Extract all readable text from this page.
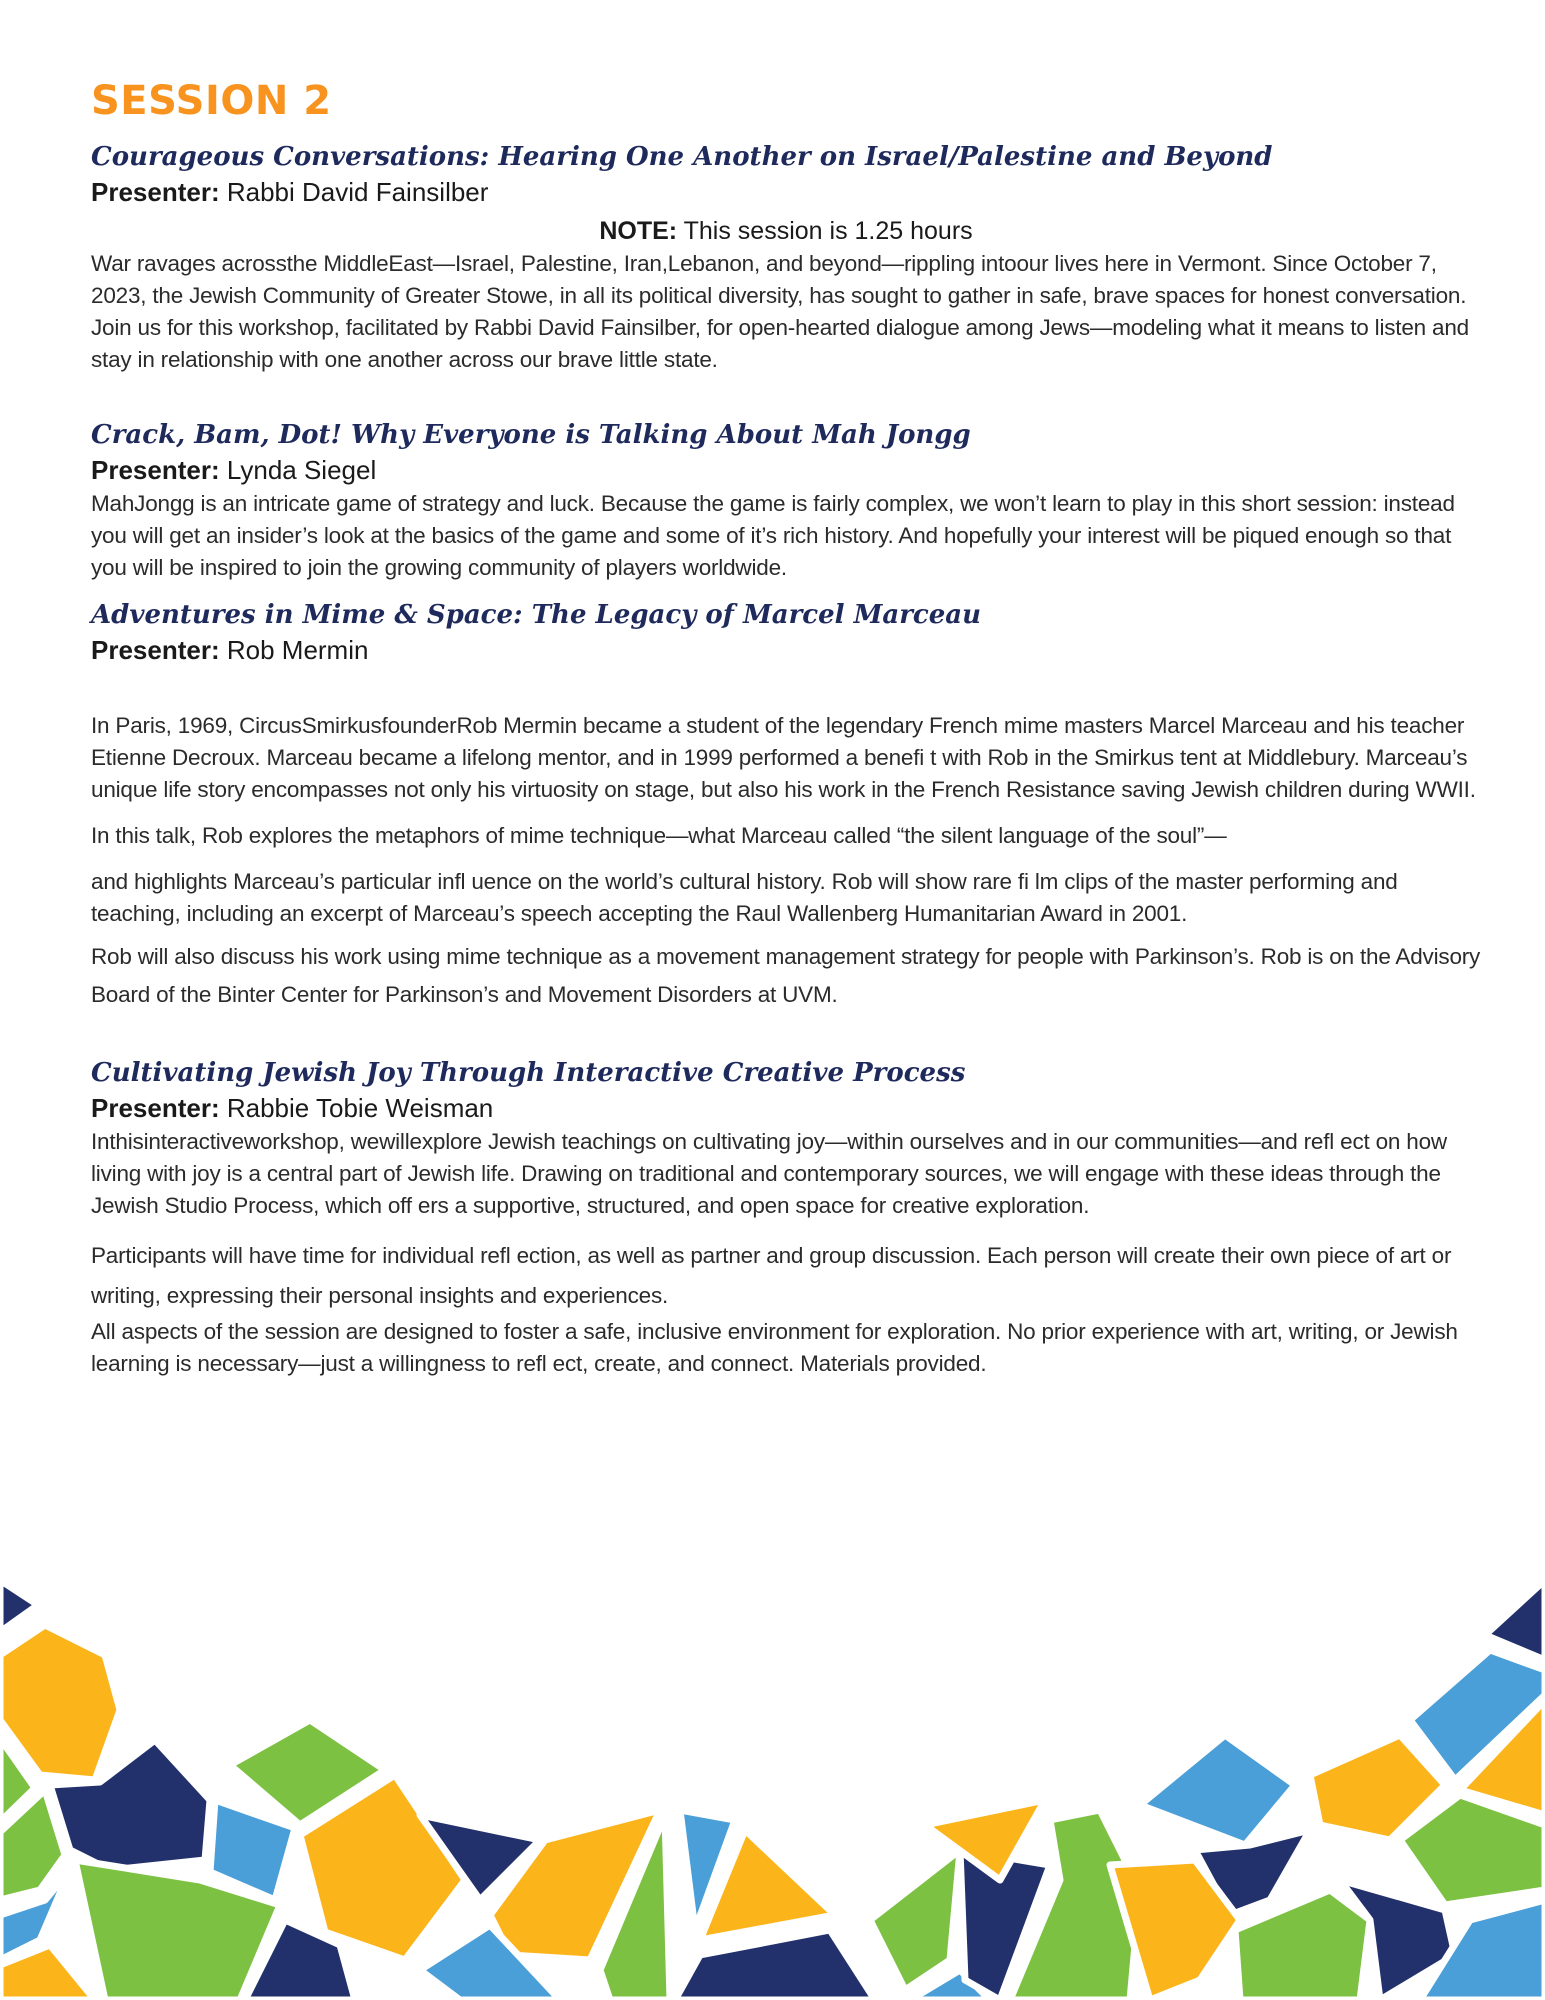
SESSION 2
Courageous Conversations: Hearing One Another on Israel/Palestine and Beyond
Presenter: Rabbi David Fainsilber
NOTE: This session is 1.25 hours

War ravages acrossthe MiddleEast—Israel, Palestine, Iran,Lebanon, and beyond—rippling intoour lives here in Vermont. Since October 7, 2023, the Jewish Community of Greater Stowe, in all its political diversity, has sought to gather in safe, brave spaces for honest conversation. Join us for this workshop, facilitated by Rabbi David Fainsilber, for open-hearted dialogue among Jews—modeling what it means to listen and stay in relationship with one another across our brave little state.

Crack, Bam, Dot! Why Everyone is Talking About Mah Jongg
Presenter: Lynda Siegel

MahJongg is an intricate game of strategy and luck. Because the game is fairly complex, we won’t learn to play in this short session: instead you will get an insider’s look at the basics of the game and some of it’s rich history. And hopefully your interest will be piqued enough so that you will be inspired to join the growing community of players worldwide.

Adventures in Mime & Space: The Legacy of Marcel Marceau
Presenter: Rob Mermin

In Paris, 1969, CircusSmirkusfounderRob Mermin became a student of the legendary French mime masters Marcel Marceau and his teacher Etienne Decroux. Marceau became a lifelong mentor, and in 1999 performed a benefi t with Rob in the Smirkus tent at Middlebury. Marceau’s unique life story encompasses not only his virtuosity on stage, but also his work in the French Resistance saving Jewish children during WWII.

In this talk, Rob explores the metaphors of mime technique—what Marceau called “the silent language of the soul”—

and highlights Marceau’s particular infl uence on the world’s cultural history. Rob will show rare fi lm clips of the master performing and teaching, including an excerpt of Marceau’s speech accepting the Raul Wallenberg Humanitarian Award in 2001.

Rob will also discuss his work using mime technique as a movement management strategy for people with Parkinson’s. Rob is on the Advisory Board of the Binter Center for Parkinson’s and Movement Disorders at UVM.

Cultivating Jewish Joy Through Interactive Creative Process
Presenter: Rabbie Tobie Weisman

Inthisinteractiveworkshop, wewillexplore Jewish teachings on cultivating joy—within ourselves and in our communities—and refl ect on how living with joy is a central part of Jewish life. Drawing on traditional and contemporary sources, we will engage with these ideas through the Jewish Studio Process, which off ers a supportive, structured, and open space for creative exploration.

Participants will have time for individual refl ection, as well as partner and group discussion. Each person will create their own piece of art or writing, expressing their personal insights and experiences.

All aspects of the session are designed to foster a safe, inclusive environment for exploration. No prior experience with art, writing, or Jewish learning is necessary—just a willingness to refl ect, create, and connect. Materials provided.
